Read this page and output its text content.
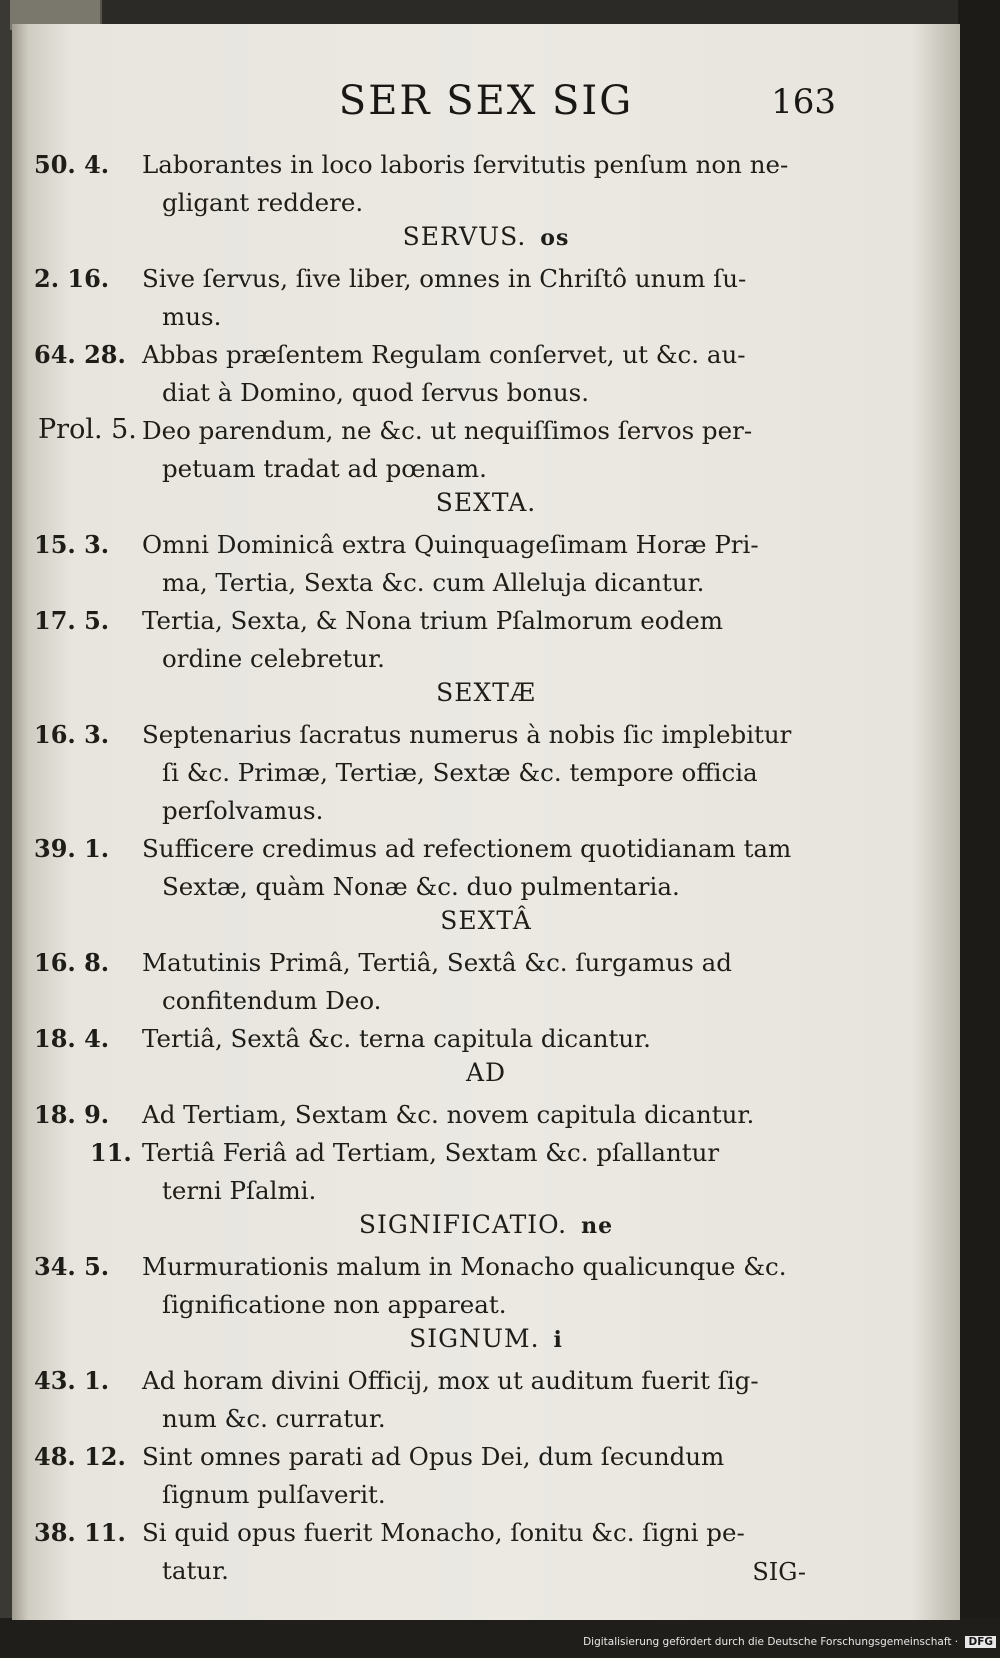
SER SEX SIG	163
50. 4. Laborantes in loco laboris ſervitutis penſum non ne-
gligant reddere.
SERVUS. os
2. 16. Sive ſervus, ſive liber, omnes in Chriſtô unum ſu-
mus.
64. 28. Abbas præſentem Regulam conſervet, ut &c. au-
diat à Domino, quod ſervus bonus.
Prol. 5. Deo parendum, ne &c. ut nequiſſimos ſervos per-
petuam tradat ad pœnam.
SEXTA.
15. 3. Omni Dominicâ extra Quinquageſimam Horæ Pri-
ma, Tertia, Sexta &c. cum Alleluja dicantur.
17. 5. Tertia, Sexta, & Nona trium Pſalmorum eodem
ordine celebretur.
SEXTÆ
16. 3. Septenarius ſacratus numerus à nobis ſic implebitur
ſi &c. Primæ, Tertiæ, Sextæ &c. tempore officia
perſolvamus.
39. 1. Sufficere credimus ad refectionem quotidianam tam
Sextæ, quàm Nonæ &c. duo pulmentaria.
SEXTÂ
16. 8. Matutinis Primâ, Tertiâ, Sextâ &c. ſurgamus ad
confitendum Deo.
18. 4. Tertiâ, Sextâ &c. terna capitula dicantur.
AD
18. 9. Ad Tertiam, Sextam &c. novem capitula dicantur.
11. Tertiâ Feriâ ad Tertiam, Sextam &c. pſallantur
terni Pſalmi.
SIGNIFICATIO. ne
34. 5. Murmurationis malum in Monacho qualicunque &c.
ſignificatione non appareat.
SIGNUM. i
43. 1. Ad horam divini Officij, mox ut auditum fuerit ſig-
num &c. curratur.
48. 12. Sint omnes parati ad Opus Dei, dum ſecundum
ſignum pulſaverit.
38. 11. Si quid opus fuerit Monacho, ſonitu &c. ſigni pe-
tatur.	SIG-
Digitalisierung gefördert durch die Deutsche Forschungsgemeinschaft · DFG
